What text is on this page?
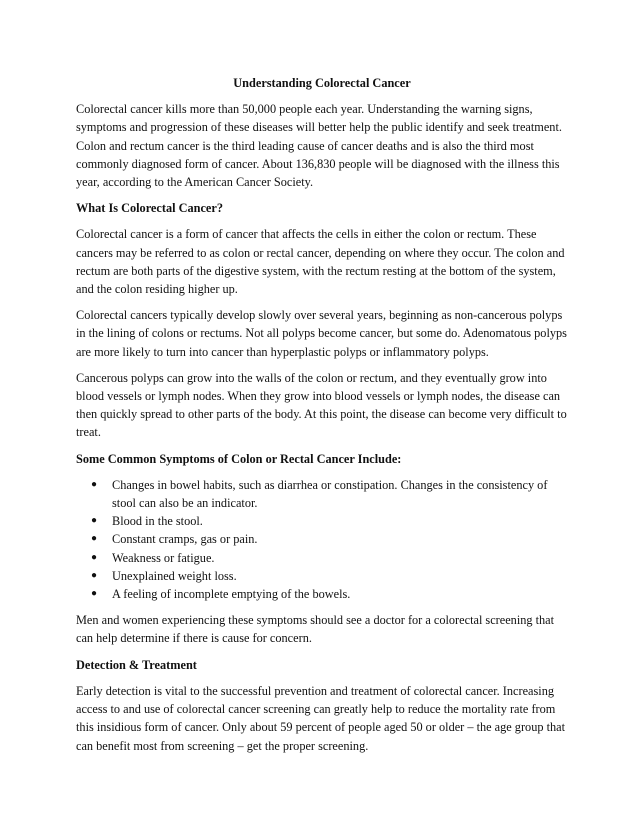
Understanding Colorectal Cancer

Colorectal cancer kills more than 50,000 people each year. Understanding the warning signs, symptoms and progression of these diseases will better help the public identify and seek treatment. Colon and rectum cancer is the third leading cause of cancer deaths and is also the third most commonly diagnosed form of cancer. About 136,830 people will be diagnosed with the illness this year, according to the American Cancer Society.

What Is Colorectal Cancer?

Colorectal cancer is a form of cancer that affects the cells in either the colon or rectum. These cancers may be referred to as colon or rectal cancer, depending on where they occur. The colon and rectum are both parts of the digestive system, with the rectum resting at the bottom of the system, and the colon residing higher up.

Colorectal cancers typically develop slowly over several years, beginning as non-cancerous polyps in the lining of colons or rectums. Not all polyps become cancer, but some do. Adenomatous polyps are more likely to turn into cancer than hyperplastic polyps or inflammatory polyps.

Cancerous polyps can grow into the walls of the colon or rectum, and they eventually grow into blood vessels or lymph nodes. When they grow into blood vessels or lymph nodes, the disease can then quickly spread to other parts of the body. At this point, the disease can become very difficult to treat.

Some Common Symptoms of Colon or Rectal Cancer Include:
● Changes in bowel habits, such as diarrhea or constipation. Changes in the consistency of stool can also be an indicator.
● Blood in the stool.
● Constant cramps, gas or pain.
● Weakness or fatigue.
● Unexplained weight loss.
● A feeling of incomplete emptying of the bowels.

Men and women experiencing these symptoms should see a doctor for a colorectal screening that can help determine if there is cause for concern.

Detection & Treatment

Early detection is vital to the successful prevention and treatment of colorectal cancer. Increasing access to and use of colorectal cancer screening can greatly help to reduce the mortality rate from this insidious form of cancer. Only about 59 percent of people aged 50 or older – the age group that can benefit most from screening – get the proper screening.
